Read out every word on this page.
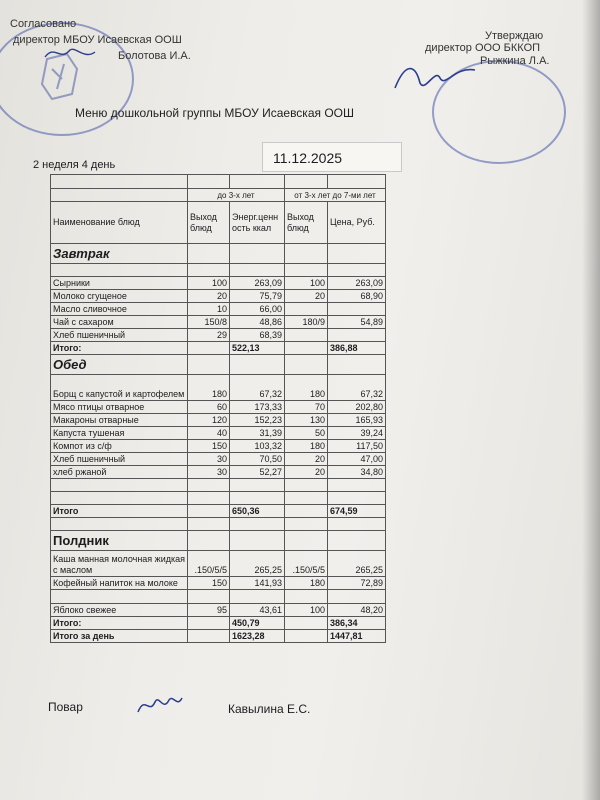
Согласовано
директор МБОУ Исаевская ООШ
Болотова И.А.
Утверждаю
директор ООО БККОП
Рыжкина Л.А.
Меню дошкольной группы МБОУ Исаевская ООШ
11.12.2025
2 неделя 4 день

	до 3-х лет		от 3-х лет до 7-ми лет	
Наименование блюд	Выход блюд	Энерг.ценн ость ккал	Выход блюд	Цена, Руб.
Завтрак				

Сырники	100	263,09	100	263,09
Молоко сгущеное	20	75,79	20	68,90
Масло сливочное	10	66,00		
Чай с сахаром	150/8	48,86	180/9	54,89
Хлеб пшеничный	29	68,39		
Итого:		522,13		386,88
Обед				
Борщ с капустой и картофелем	180	67,32	180	67,32
Мясо птицы отварное	60	173,33	70	202,80
Макароны отварные	120	152,23	130	165,93
Капуста тушеная	40	31,39	50	39,24
Компот из с/ф	150	103,32	180	117,50
Хлеб пшеничный	30	70,50	20	47,00
хлеб ржаной	30	52,27	20	34,80

Итого		650,36		674,59

Полдник				
Каша манная молочная жидкая с маслом	.150/5/5	265,25	.150/5/5	265,25
Кофейный напиток на молоке	150	141,93	180	72,89

Яблоко свежее	95	43,61	100	48,20
Итого:		450,79		386,34
Итого за день		1623,28		1447,81
Повар	Кавылина Е.С.
